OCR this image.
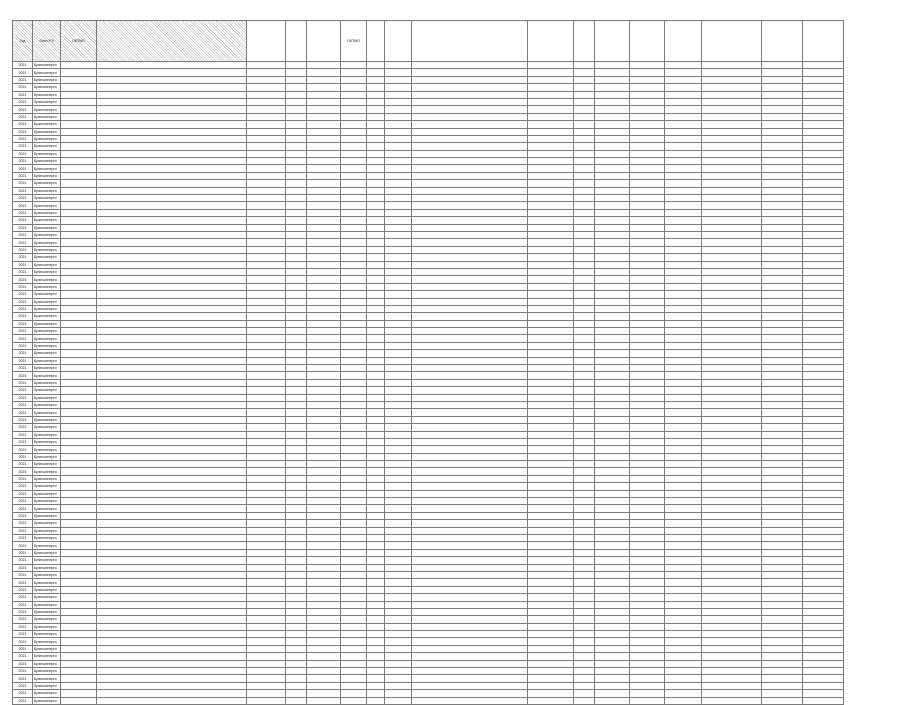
Год	Сети РЭ	ОКТМО					ОКТМО											
2021	Брянскэнерго																	
2021	Брянскэнерго																	
2021	Брянскэнерго																	
2021	Брянскэнерго																	
2021	Брянскэнерго																	
2021	Брянскэнерго																	
2021	Брянскэнерго																	
2021	Брянскэнерго																	
2021	Брянскэнерго																	
2021	Брянскэнерго																	
2021	Брянскэнерго																	
2021	Брянскэнерго																	
2021	Брянскэнерго																	
2021	Брянскэнерго																	
2021	Брянскэнерго																	
2021	Брянскэнерго																	
2021	Брянскэнерго																	
2021	Брянскэнерго																	
2021	Брянскэнерго																	
2021	Брянскэнерго																	
2021	Брянскэнерго																	
2021	Брянскэнерго																	
2021	Брянскэнерго																	
2021	Брянскэнерго																	
2021	Брянскэнерго																	
2021	Брянскэнерго																	
2021	Брянскэнерго																	
2021	Брянскэнерго																	
2021	Брянскэнерго																	
2021	Брянскэнерго																	
2021	Брянскэнерго																	
2021	Брянскэнерго																	
2021	Брянскэнерго																	
2021	Брянскэнерго																	
2021	Брянскэнерго																	
2021	Брянскэнерго																	
2021	Брянскэнерго																	
2021	Брянскэнерго																	
2021	Брянскэнерго																	
2021	Брянскэнерго																	
2021	Брянскэнерго																	
2021	Брянскэнерго																	
2021	Брянскэнерго																	
2021	Брянскэнерго																	
2021	Брянскэнерго																	
2021	Брянскэнерго																	
2021	Брянскэнерго																	
2021	Брянскэнерго																	
2021	Брянскэнерго																	
2021	Брянскэнерго																	
2021	Брянскэнерго																	
2021	Брянскэнерго																	
2021	Брянскэнерго																	
2021	Брянскэнерго																	
2021	Брянскэнерго																	
2021	Брянскэнерго																	
2021	Брянскэнерго																	
2021	Брянскэнерго																	
2021	Брянскэнерго																	
2021	Брянскэнерго																	
2021	Брянскэнерго																	
2021	Брянскэнерго																	
2021	Брянскэнерго																	
2021	Брянскэнерго																	
2021	Брянскэнерго																	
2021	Брянскэнерго																	
2021	Брянскэнерго																	
2021	Брянскэнерго																	
2021	Брянскэнерго																	
2021	Брянскэнерго																	
2021	Брянскэнерго																	
2021	Брянскэнерго																	
2021	Брянскэнерго																	
2021	Брянскэнерго																	
2021	Брянскэнерго																	
2021	Брянскэнерго																	
2021	Брянскэнерго																	
2021	Брянскэнерго																	
2021	Брянскэнерго																	
2021	Брянскэнерго																	
2021	Брянскэнерго																	
2021	Брянскэнерго																	
2021	Брянскэнерго																	
2021	Брянскэнерго																	
2021	Брянскэнерго																	
2021	Брянскэнерго																	
2021	Брянскэнерго																	
